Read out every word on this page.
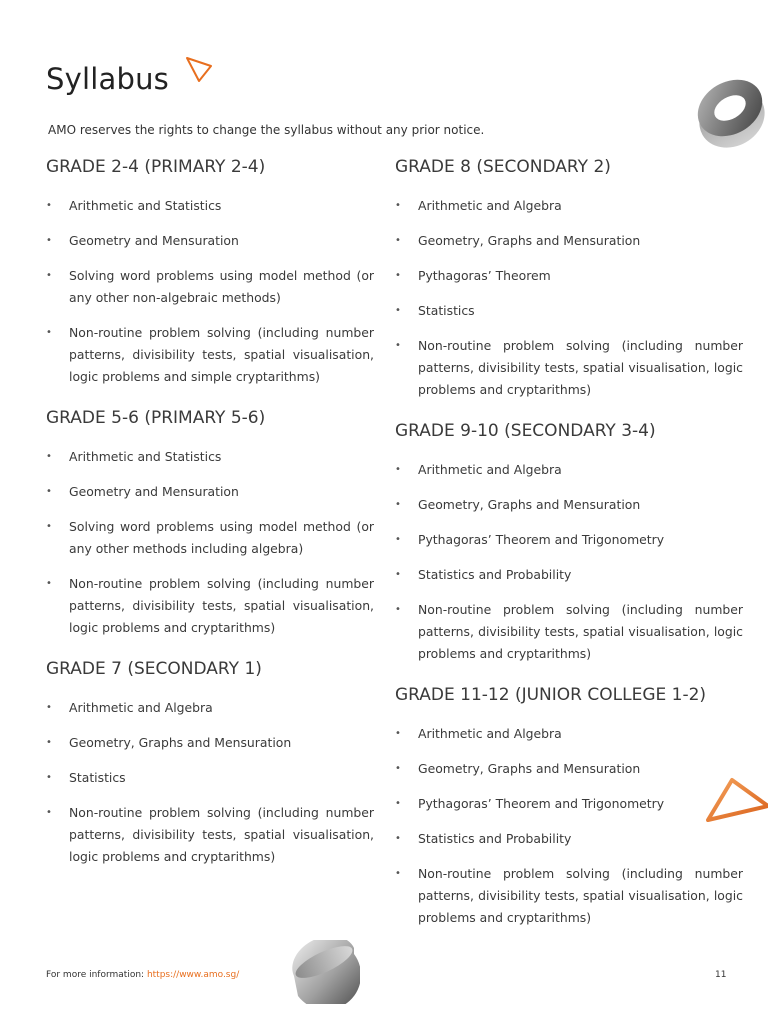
Syllabus
AMO reserves the rights to change the syllabus without any prior notice.
GRADE 2-4 (PRIMARY 2-4)
• Arithmetic and Statistics
• Geometry and Mensuration
• Solving word problems using model method (or any other non-algebraic methods)
• Non-routine problem solving (including number patterns, divisibility tests, spatial visualisation, logic problems and simple cryptarithms)
GRADE 5-6 (PRIMARY 5-6)
• Arithmetic and Statistics
• Geometry and Mensuration
• Solving word problems using model method (or any other methods including algebra)
• Non-routine problem solving (including number patterns, divisibility tests, spatial visualisation, logic problems and cryptarithms)
GRADE 7 (SECONDARY 1)
• Arithmetic and Algebra
• Geometry, Graphs and Mensuration
• Statistics
• Non-routine problem solving (including number patterns, divisibility tests, spatial visualisation, logic problems and cryptarithms)
GRADE 8 (SECONDARY 2)
• Arithmetic and Algebra
• Geometry, Graphs and Mensuration
• Pythagoras’ Theorem
• Statistics
• Non-routine problem solving (including number patterns, divisibility tests, spatial visualisation, logic problems and cryptarithms)
GRADE 9-10 (SECONDARY 3-4)
• Arithmetic and Algebra
• Geometry, Graphs and Mensuration
• Pythagoras’ Theorem and Trigonometry
• Statistics and Probability
• Non-routine problem solving (including number patterns, divisibility tests, spatial visualisation, logic problems and cryptarithms)
GRADE 11-12 (JUNIOR COLLEGE 1-2)
• Arithmetic and Algebra
• Geometry, Graphs and Mensuration
• Pythagoras’ Theorem and Trigonometry
• Statistics and Probability
• Non-routine problem solving (including number patterns, divisibility tests, spatial visualisation, logic problems and cryptarithms)
For more information: https://www.amo.sg/	11
